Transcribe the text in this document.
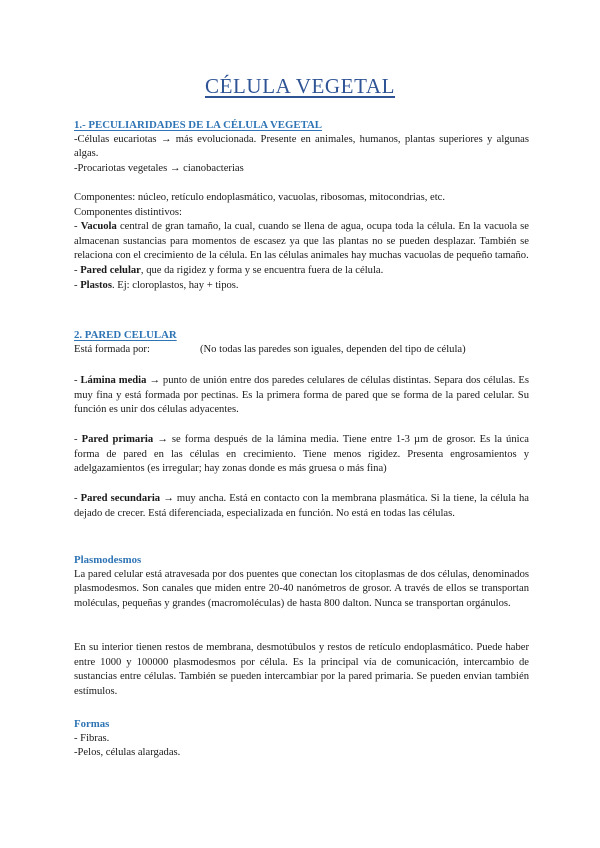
CÉLULA VEGETAL
1.- PECULIARIDADES DE LA CÉLULA VEGETAL
-Células eucariotas → más evolucionada. Presente en animales, humanos, plantas superiores y algunas algas.
-Procariotas vegetales → cianobacterias
Componentes: núcleo, retículo endoplasmático, vacuolas, ribosomas, mitocondrias, etc.
Componentes distintivos:
- Vacuola central de gran tamaño, la cual, cuando se llena de agua, ocupa toda la célula. En la vacuola se almacenan sustancias para momentos de escasez ya que las plantas no se pueden desplazar. También se relaciona con el crecimiento de la célula. En las células animales hay muchas vacuolas de pequeño tamaño.
- Pared celular, que da rigidez y forma y se encuentra fuera de la célula.
- Plastos. Ej: cloroplastos, hay + tipos.
2. PARED CELULAR
Está formada por:	(No todas las paredes son iguales, dependen del tipo de célula)
- Lámina media → punto de unión entre dos paredes celulares de células distintas. Separa dos células. Es muy fina y está formada por pectinas. Es la primera forma de pared que se forma de la pared celular. Su función es unir dos células adyacentes.
- Pared primaria → se forma después de la lámina media. Tiene entre 1-3 µm de grosor. Es la única forma de pared en las células en crecimiento. Tiene menos rigidez. Presenta engrosamientos y adelgazamientos (es irregular; hay zonas donde es más gruesa o más fina)
- Pared secundaria → muy ancha. Está en contacto con la membrana plasmática. Si la tiene, la célula ha dejado de crecer. Está diferenciada, especializada en función. No está en todas las células.
Plasmodesmos
La pared celular está atravesada por dos puentes que conectan los citoplasmas de dos células, denominados plasmodesmos. Son canales que miden entre 20-40 nanómetros de grosor. A través de ellos se transportan moléculas, pequeñas y grandes (macromoléculas) de hasta 800 dalton. Nunca se transportan orgánulos.
En su interior tienen restos de membrana, desmotúbulos y restos de retículo endoplasmático. Puede haber entre 1000 y 100000 plasmodesmos por célula. Es la principal vía de comunicación, intercambio de sustancias entre células. También se pueden intercambiar por la pared primaria. Se pueden envian también estímulos.
Formas
- Fibras.
-Pelos, células alargadas.
